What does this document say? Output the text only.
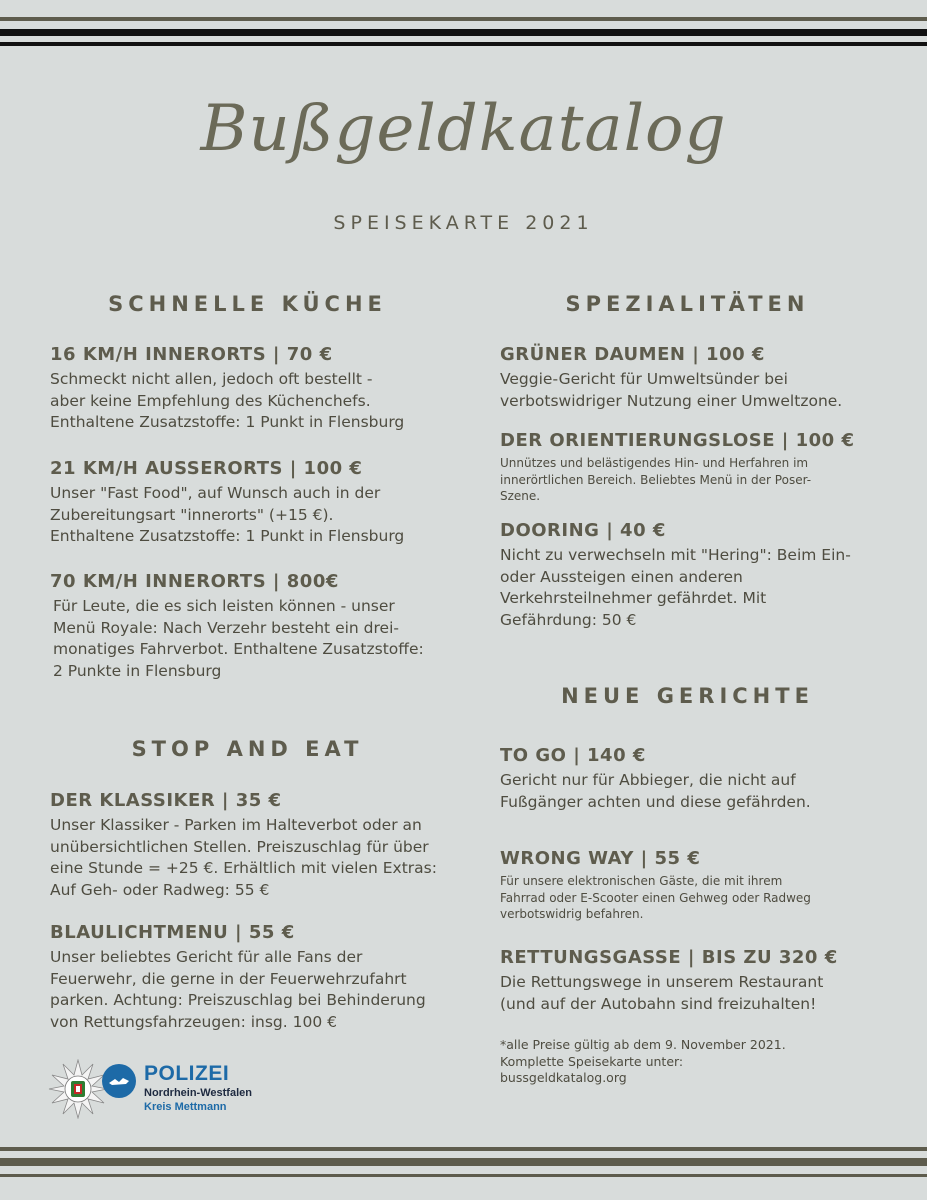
Bußgeldkatalog
SPEISEKARTE 2021
SCHNELLE KÜCHE
16 KM/H INNERORTS | 70 €

Schmeckt nicht allen, jedoch oft bestellt -
aber keine Empfehlung des Küchenchefs.
Enthaltene Zusatzstoffe: 1 Punkt in Flensburg

21 KM/H AUSSERORTS | 100 €

Unser "Fast Food", auf Wunsch auch in der
Zubereitungsart "innerorts" (+15 €).
Enthaltene Zusatzstoffe: 1 Punkt in Flensburg

70 KM/H INNERORTS | 800€

Für Leute, die es sich leisten können - unser
Menü Royale: Nach Verzehr besteht ein drei-
monatiges Fahrverbot. Enthaltene Zusatzstoffe:
2 Punkte in Flensburg

STOP AND EAT
DER KLASSIKER | 35 €

Unser Klassiker - Parken im Halteverbot oder an
unübersichtlichen Stellen. Preiszuschlag für über
eine Stunde = +25 €. Erhältlich mit vielen Extras:
Auf Geh- oder Radweg: 55 €

BLAULICHTMENU | 55 €

Unser beliebtes Gericht für alle Fans der
Feuerwehr, die gerne in der Feuerwehrzufahrt
parken. Achtung: Preiszuschlag bei Behinderung
von Rettungsfahrzeugen: insg. 100 €

SPEZIALITÄTEN
GRÜNER DAUMEN | 100 €

Veggie-Gericht für Umweltsünder bei
verbotswidriger Nutzung einer Umweltzone.

DER ORIENTIERUNGSLOSE | 100 €

Unnützes und belästigendes Hin- und Herfahren im
innerörtlichen Bereich. Beliebtes Menü in der Poser-
Szene.

DOORING | 40 €

Nicht zu verwechseln mit "Hering": Beim Ein-
oder Aussteigen einen anderen
Verkehrsteilnehmer gefährdet. Mit
Gefährdung: 50 €

NEUE GERICHTE
TO GO | 140 €

Gericht nur für Abbieger, die nicht auf
Fußgänger achten und diese gefährden.

WRONG WAY | 55 €

Für unsere elektronischen Gäste, die mit ihrem
Fahrrad oder E-Scooter einen Gehweg oder Radweg
verbotswidrig befahren.

RETTUNGSGASSE | BIS ZU 320 €

Die Rettungswege in unserem Restaurant
(und auf der Autobahn sind freizuhalten!

*alle Preise gültig ab dem 9. November 2021.
Komplette Speisekarte unter:
bussgeldkatalog.org
POLIZEI
Nordrhein-Westfalen
Kreis Mettmann
